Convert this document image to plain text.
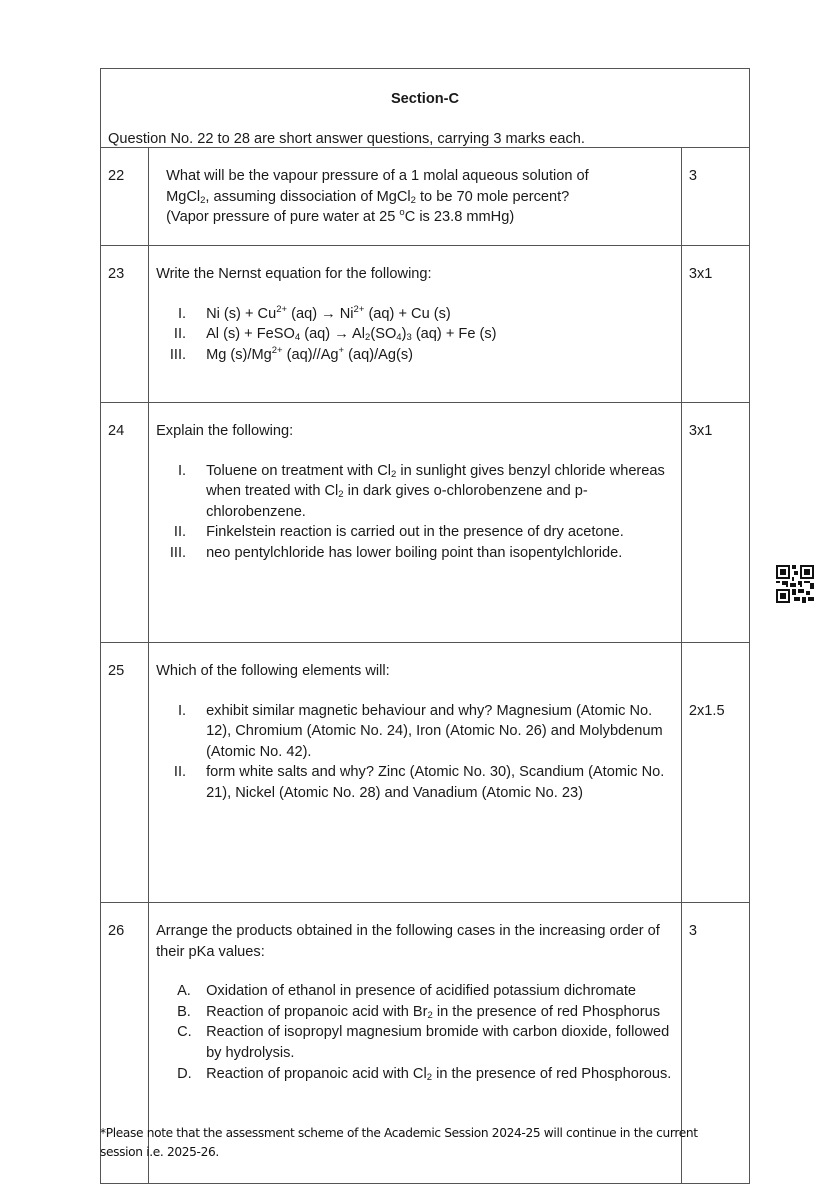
Section-C
Question No. 22 to 28 are short answer questions, carrying 3 marks each.		

22	What will be the vapour pressure of a 1 molal aqueous solution of
MgCl$_2$, assuming dissociation of MgCl$_2$ to be 70 mole percent?
(Vapor pressure of pure water at 25 $^o$C is 23.8 mmHg)	3
23	Write the Nernst equation for the following:

I. Ni $(s) + Cu^{2+}$ $(aq) \to Ni^{2+}$ (aq) + Cu (s)
II. Al (s) + FeSO$_4$ $(aq) \to Al_2(SO_4)_3$ (aq) + Fe (s)
III. Mg $(s)/Mg^{2+}$ (aq)//Ag+ (aq)/Ag(s)
	3x1
24	Explain the following:

I. Toluene on treatment with $Cl_2$ in sunlight gives benzyl chloride whereas when treated with $Cl_2$ in dark gives o-chlorobenzene and p-chlorobenzene.
II. Finkelstein reaction is carried out in the presence of dry acetone.
III. neo pentylchloride has lower boiling point than isopentylchloride.
	3x1
25	Which of the following elements will:

I. exhibit similar magnetic behaviour and why? Magnesium (Atomic No. 12), Chromium (Atomic No. 24), Iron (Atomic No. 26) and Molybdenum (Atomic No. 42).
II. form white salts and why? Zinc (Atomic No. 30), Scandium (Atomic No. 21), Nickel (Atomic No. 28) and Vanadium (Atomic No. 23)
	2x1.5
26	Arrange the products obtained in the following cases in the increasing order of their pKa values:

A. Oxidation of ethanol in presence of acidified potassium dichromate
B. Reaction of propanoic acid with $Br_2$ in the presence of red Phosphorus
C. Reaction of isopropyl magnesium bromide with carbon dioxide, followed by hydrolysis.
D. Reaction of propanoic acid with $Cl_2$ in the presence of red Phosphorous.
	3
*Please note that the assessment scheme of the Academic Session 2024-25 will continue in the current
session i.e. 2025-26.
